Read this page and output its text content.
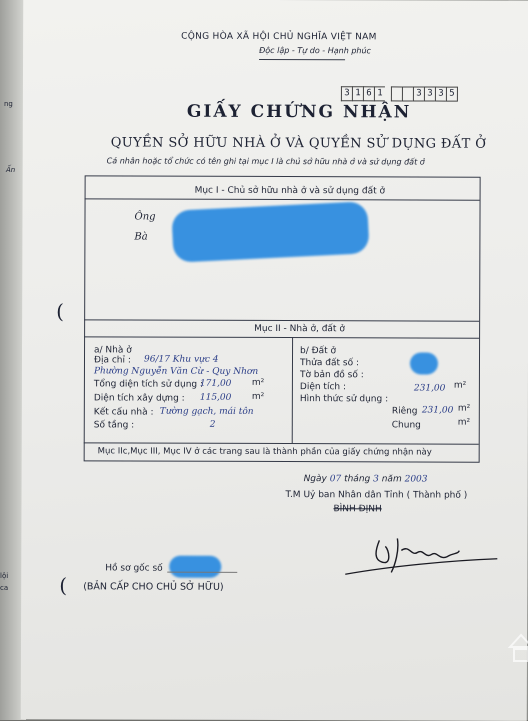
ng
Ấn
lội
ca
CỘNG HÒA XÃ HỘI CHỦ NGHĨA VIỆT NAM
Độc lập - Tự do - Hạnh phúc
3 1 6 1	3 3 3 5
GIẤY CHỨNG NHẬN
QUYỀN SỞ HỮU NHÀ Ở VÀ QUYỀN SỬ DỤNG ĐẤT Ở
Cá nhân hoặc tổ chức có tên ghi tại mục I là chủ sở hữu nhà ở và sử dụng đất ở
Mục I - Chủ sở hữu nhà ở và sử dụng đất ở
Ông
Bà
(
Mục II - Nhà ở, đất ở
a/ Nhà ở
Địa chỉ : 96/17 Khu vực 4
Phường Nguyễn Văn Cừ - Quy Nhơn
Tổng diện tích sử dụng :
171,00 m²
Diện tích xây dựng : 115,00 m²
Kết cấu nhà : Tường gạch, mái tôn
Số tầng :	2
b/ Đất ở
Thửa đất số :
Tờ bản đồ số :
Diện tích :	231,00 m²
Hình thức sử dụng :
Riêng 231,00 m²
Chung	m²
Mục IIc,Mục III, Mục IV ở các trang sau là thành phần của giấy chứng nhận này
Ngày 07 tháng 3 năm 2003
T.M Uỷ ban Nhân dân Tỉnh ( Thành phố )
BÌNH ĐỊNH
Hồ sơ gốc số
( (BẢN CẤP CHO CHỦ SỞ HỮU)
